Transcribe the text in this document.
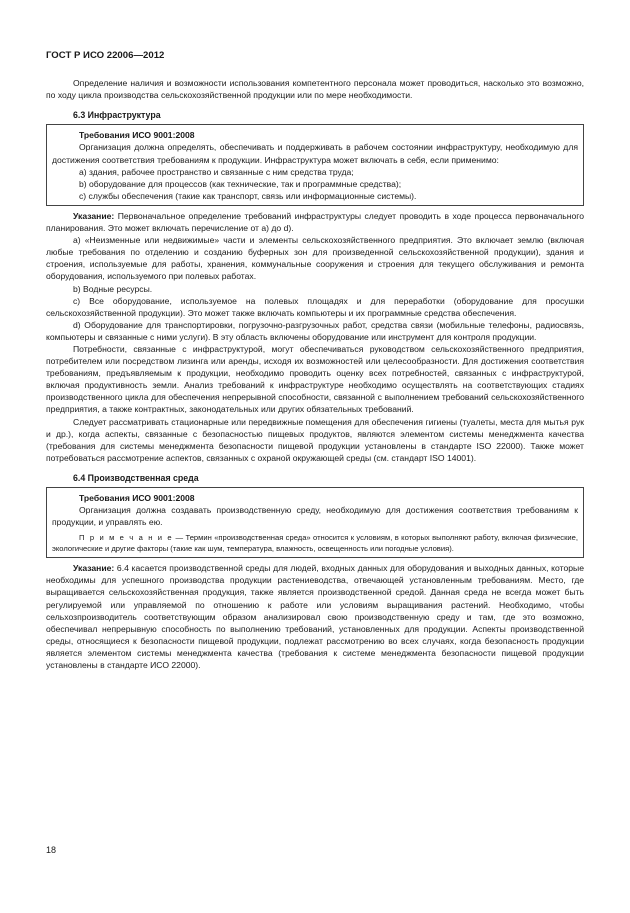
ГОСТ Р ИСО 22006—2012

Определение наличия и возможности использования компетентного персонала может проводиться, насколько это возможно, по ходу цикла производства сельскохозяйственной продукции или по мере необходимости.

6.3 Инфраструктура

Требования ИСО 9001:2008

Организация должна определять, обеспечивать и поддерживать в рабочем состоянии инфраструктуру, необходимую для достижения соответствия требованиям к продукции. Инфраструктура может включать в себя, если применимо:

а) здания, рабочее пространство и связанные с ним средства труда;

b) оборудование для процессов (как технические, так и программные средства);

c) службы обеспечения (такие как транспорт, связь или информационные системы).

Указание: Первоначальное определение требований инфраструктуры следует проводить в ходе процесса первоначального планирования. Это может включать перечисление от а) до d).

а) «Неизменные или недвижимые» части и элементы сельскохозяйственного предприятия. Это включает землю (включая любые требования по отделению и созданию буферных зон для произведенной сельскохозяйственной продукции), здания и строения, используемые для работы, хранения, коммунальные сооружения и строения для текущего обслуживания и ремонта оборудования, используемого при полевых работах.

b) Водные ресурсы.

c) Все оборудование, используемое на полевых площадях и для переработки (оборудование для просушки сельскохозяйственной продукции). Это может также включать компьютеры и их программные средства обеспечения.

d) Оборудование для транспортировки, погрузочно-разгрузочных работ, средства связи (мобильные телефоны, радиосвязь, компьютеры и связанные с ними услуги). В эту область включены оборудование или инструмент для контроля продукции.

Потребности, связанные с инфраструктурой, могут обеспечиваться руководством сельскохозяйственного предприятия, потребителем или посредством лизинга или аренды, исходя их возможностей или целесообразности. Для достижения соответствия требованиям, предъявляемым к продукции, необходимо проводить оценку всех потребностей, связанных с инфраструктурой, включая продуктивность земли. Анализ требований к инфраструктуре необходимо осуществлять на соответствующих стадиях производственного цикла для обеспечения непрерывной способности, связанной с выполнением требований сельскохозяйственного предприятия, а также контрактных, законодательных или других обязательных требований.

Следует рассматривать стационарные или передвижные помещения для обеспечения гигиены (туалеты, места для мытья рук и др.), когда аспекты, связанные с безопасностью пищевых продуктов, являются элементом системы менеджмента качества (требования для системы менеджмента безопасности пищевой продукции установлены в стандарте ISO 22000). Также может потребоваться рассмотрение аспектов, связанных с охраной окружающей среды (см. стандарт ISO 14001).

6.4 Производственная среда

Требования ИСО 9001:2008

Организация должна создавать производственную среду, необходимую для достижения соответствия требованиям к продукции, и управлять ею.

П р и м е ч а н и е — Термин «производственная среда» относится к условиям, в которых выполняют работу, включая физические, экологические и другие факторы (такие как шум, температура, влажность, освещенность или погодные условия).

Указание: 6.4 касается производственной среды для людей, входных данных для оборудования и выходных данных, которые необходимы для успешного производства продукции растениеводства, отвечающей установленным требованиям. Место, где выращивается сельскохозяйственная продукция, также является производственной средой. Данная среда не всегда может быть регулируемой или управляемой по отношению к работе или условиям выращивания растений. Необходимо, чтобы сельхозпроизводитель соответствующим образом анализировал свою производственную среду и там, где это возможно, обеспечивал непрерывную способность по выполнению требований, установленных для продукции. Аспекты производственной среды, относящиеся к безопасности пищевой продукции, подлежат рассмотрению во всех случаях, когда безопасность продукции является элементом системы менеджмента качества (требования к системе менеджмента безопасности пищевой продукции установлены в стандарте ИСО 22000).

18
